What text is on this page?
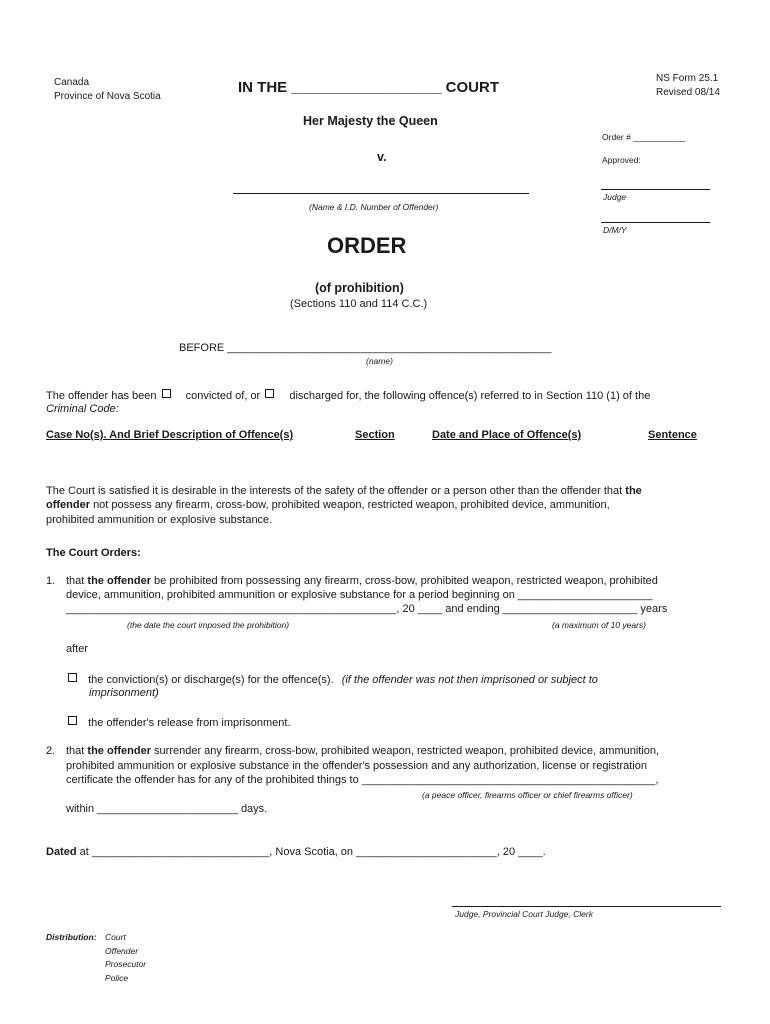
Canada
Province of Nova Scotia
IN THE __________________ COURT
NS Form 25.1
Revised 08/14
Her Majesty the Queen
v.
(Name & I.D. Number of Offender)
Order # ___________
Approved:
Judge
D/M/Y
ORDER
(of prohibition)
(Sections 110 and 114 C.C.)
BEFORE _____________________________________________________
(name)
The offender has been	convicted of, or	discharged for, the following offence(s) referred to in Section 110 (1) of the
Criminal Code:
Case No(s). And Brief Description of Offence(s)	Section	Date and Place of Offence(s)	Sentence
The Court is satisfied it is desirable in the interests of the safety of the offender or a person other than the offender that the
offender not possess any firearm, cross-bow, prohibited weapon, restricted weapon, prohibited device, ammunition,
prohibited ammunition or explosive substance.
The Court Orders:
1. that the offender be prohibited from possessing any firearm, cross-bow, prohibited weapon, restricted weapon, prohibited
device, ammunition, prohibited ammunition or explosive substance for a period beginning on ______________________
______________________________________________________, 20 ____ and ending ______________________ years
(the date the court imposed the prohibition)	(a maximum of 10 years)
after
the conviction(s) or discharge(s) for the offence(s). (if the offender was not then imprisoned or subject to
imprisonment)
the offender's release from imprisonment.
2. that the offender surrender any firearm, cross-bow, prohibited weapon, restricted weapon, prohibited device, ammunition,
prohibited ammunition or explosive substance in the offender's possession and any authorization, license or registration
certificate the offender has for any of the prohibited things to ________________________________________________,
(a peace officer, firearms officer or chief firearms officer)
within _______________________ days.
Dated at _____________________________, Nova Scotia, on _______________________, 20 ____.
Judge, Provincial Court Judge, Clerk
Distribution: Court
Offender
Prosecutor
Police
